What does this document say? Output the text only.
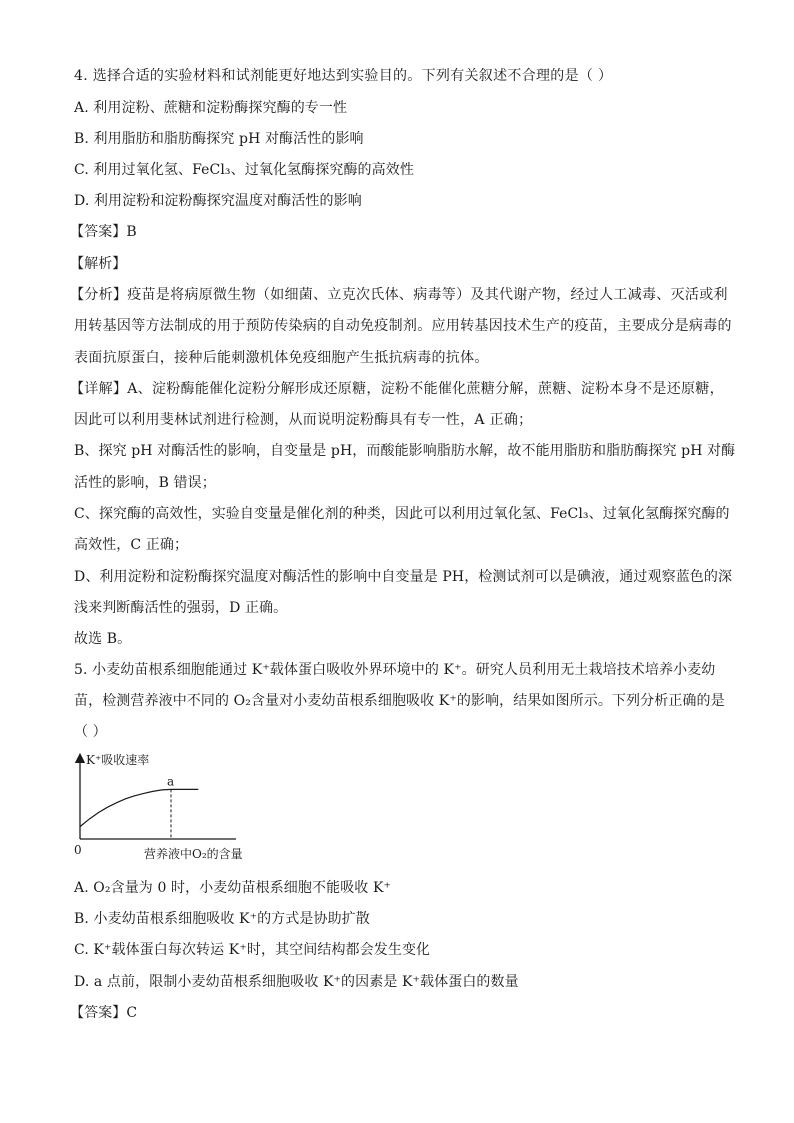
4. 选择合适的实验材料和试剂能更好地达到实验目的。下列有关叙述不合理的是（ ）
A. 利用淀粉、蔗糖和淀粉酶探究酶的专一性
B. 利用脂肪和脂肪酶探究 pH 对酶活性的影响
C. 利用过氧化氢、FeCl₃、过氧化氢酶探究酶的高效性
D. 利用淀粉和淀粉酶探究温度对酶活性的影响
【答案】B
【解析】
【分析】疫苗是将病原微生物（如细菌、立克次氏体、病毒等）及其代谢产物，经过人工减毒、灭活或利
用转基因等方法制成的用于预防传染病的自动免疫制剂。应用转基因技术生产的疫苗，主要成分是病毒的
表面抗原蛋白，接种后能刺激机体免疫细胞产生抵抗病毒的抗体。
【详解】A、淀粉酶能催化淀粉分解形成还原糖，淀粉不能催化蔗糖分解，蔗糖、淀粉本身不是还原糖，
因此可以利用斐林试剂进行检测，从而说明淀粉酶具有专一性，A 正确；
B、探究 pH 对酶活性的影响，自变量是 pH，而酸能影响脂肪水解，故不能用脂肪和脂肪酶探究 pH 对酶
活性的影响，B 错误；
C、探究酶的高效性，实验自变量是催化剂的种类，因此可以利用过氧化氢、FeCl₃、过氧化氢酶探究酶的
高效性，C 正确；
D、利用淀粉和淀粉酶探究温度对酶活性的影响中自变量是 PH，检测试剂可以是碘液，通过观察蓝色的深
浅来判断酶活性的强弱，D 正确。
故选 B。
5. 小麦幼苗根系细胞能通过 K⁺载体蛋白吸收外界环境中的 K⁺。研究人员利用无土栽培技术培养小麦幼
苗，检测营养液中不同的 O₂含量对小麦幼苗根系细胞吸收 K⁺的影响，结果如图所示。下列分析正确的是
（ ）
a
K⁺吸收速率
0	营养液中O₂的含量
A. O₂含量为 0 时，小麦幼苗根系细胞不能吸收 K⁺
B. 小麦幼苗根系细胞吸收 K⁺的方式是协助扩散
C. K⁺载体蛋白每次转运 K⁺时，其空间结构都会发生变化
D. a 点前，限制小麦幼苗根系细胞吸收 K⁺的因素是 K⁺载体蛋白的数量
【答案】C
